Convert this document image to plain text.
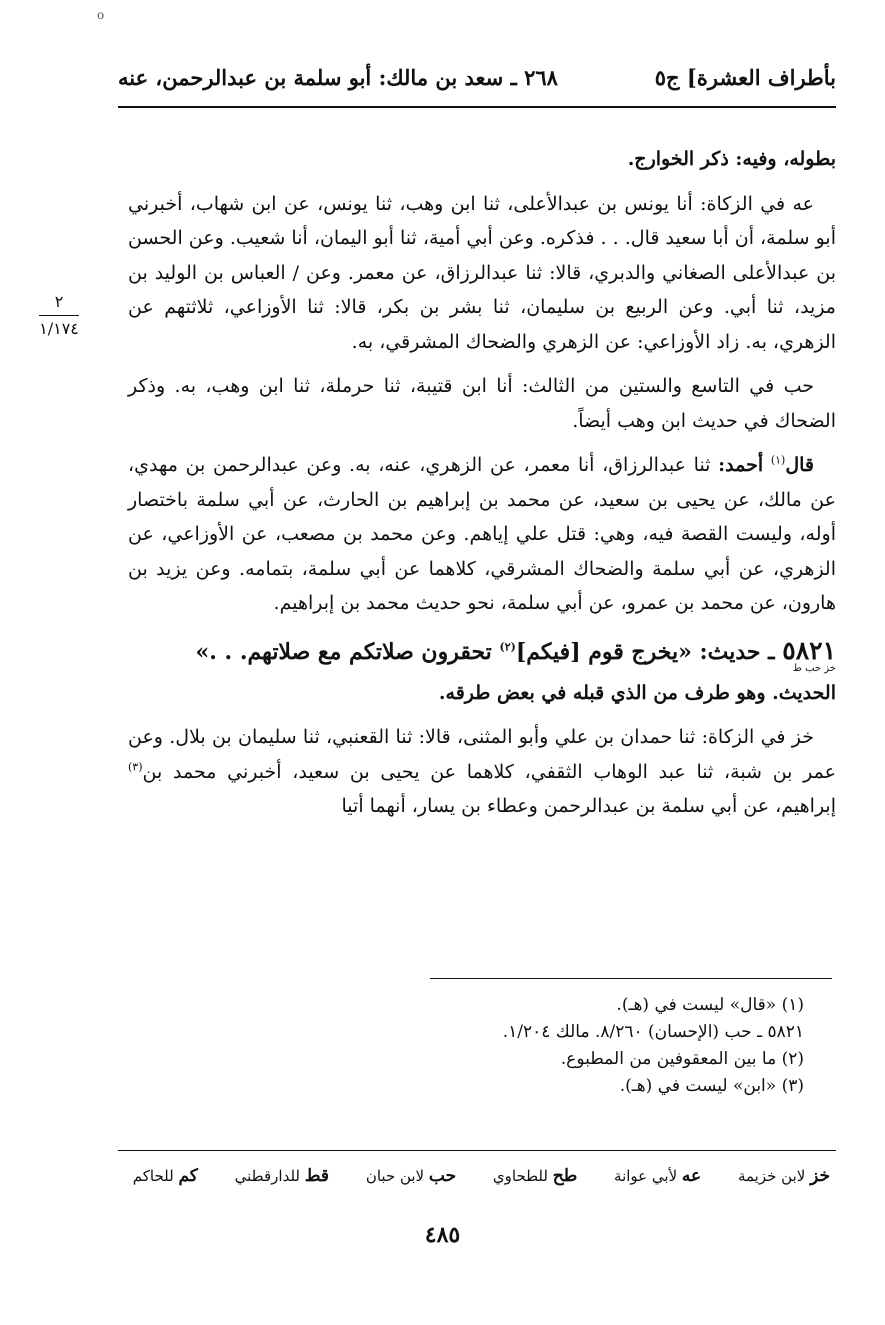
o
بأطراف العشرة] ج٥
٢٦٨ ـ سعد بن مالك: أبو سلمة بن عبدالرحمن، عنه
٢
١/١٧٤

بطوله، وفيه: ذكر الخوارج.

عه في الزكاة: أنا يونس بن عبدالأعلى، ثنا ابن وهب، ثنا يونس، عن ابن شهاب، أخبرني أبو سلمة، أن أبا سعيد قال. . . فذكره. وعن أبي أمية، ثنا أبو اليمان، أنا شعيب. وعن الحسن بن عبدالأعلى الصغاني والدبري، قالا: ثنا عبدالرزاق، عن معمر. وعن / العباس بن الوليد بن مزيد، ثنا أبي. وعن الربيع بن سليمان، ثنا بشر بن بكر، قالا: ثنا الأوزاعي، ثلاثتهم عن الزهري، به. زاد الأوزاعي: عن الزهري والضحاك المشرقي، به.

حب في التاسع والستين من الثالث: أنا ابن قتيبة، ثنا حرملة، ثنا ابن وهب، به. وذكر الضحاك في حديث ابن وهب أيضاً.

قال$^{(١)}$ أحمد: ثنا عبدالرزاق، أنا معمر، عن الزهري، عنه، به. وعن عبدالرحمن بن مهدي، عن مالك، عن يحيى بن سعيد، عن محمد بن إبراهيم بن الحارث، عن أبي سلمة باختصار أوله، وليست القصة فيه، وهي: قتل علي إياهم. وعن محمد بن مصعب، عن الأوزاعي، عن الزهري، عن أبي سلمة والضحاك المشرقي، كلاهما عن أبي سلمة، بتمامه. وعن يزيد بن هارون، عن محمد بن عمرو، عن أبي سلمة، نحو حديث محمد بن إبراهيم.

٥٨٢١ ـ حديث: «يخرج قوم [فيكم]$^{(٢)}$ تحقرون صلاتكم مع صلاتهم. . .»
خز حب ط

الحديث. وهو طرف من الذي قبله في بعض طرقه.

خز في الزكاة: ثنا حمدان بن علي وأبو المثنى، قالا: ثنا القعنبي، ثنا سليمان بن بلال. وعن عمر بن شبة، ثنا عبد الوهاب الثقفي، كلاهما عن يحيى بن سعيد، أخبرني محمد بن$^{(٣)}$ إبراهيم، عن أبي سلمة بن عبدالرحمن وعطاء بن يسار، أنهما أتيا

(١) «قال» ليست في (هـ).
٥٨٢١ ـ حب (الإحسان) ٨/٢٦٠. مالك ١/٢٠٤.
(٢) ما بين المعقوفين من المطبوع.
(٣) «ابن» ليست في (هـ).
خز لابن خزيمة عه لأبي عوانة طح للطحاوي حب لابن حبان قط للدارقطني كم للحاكم
٤٨٥
